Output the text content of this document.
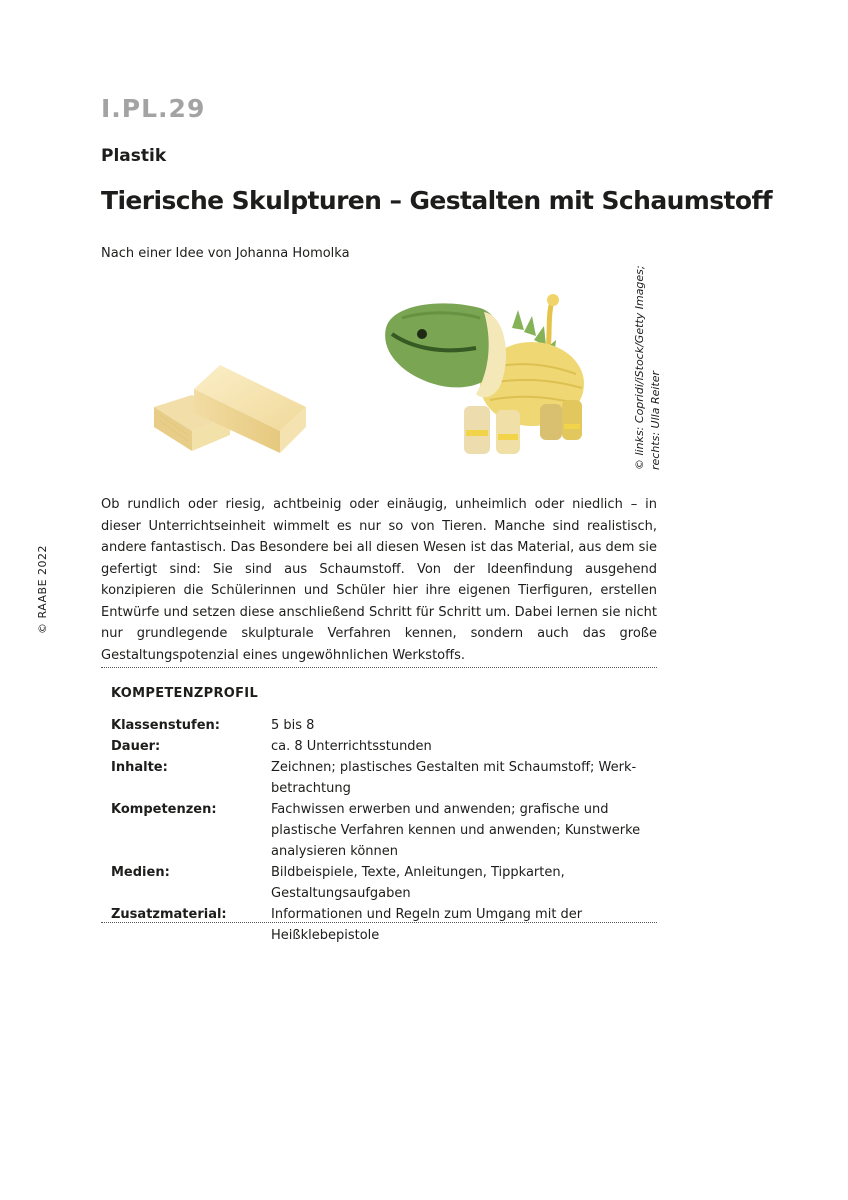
I.PL.29
Plastik
Tierische Skulpturen – Gestalten mit Schaumstoff
Nach einer Idee von Johanna Homolka
© links: Copridi/iStock/Getty Images; rechts: Ulla Reiter
© RAABE 2022
Ob rundlich oder riesig, achtbeinig oder einäugig, unheimlich oder niedlich – in dieser Unterrichtseinheit wimmelt es nur so von Tieren. Manche sind realistisch, andere fantastisch. Das Besondere bei all diesen Wesen ist das Material, aus dem sie gefertigt sind: Sie sind aus Schaumstoff. Von der Ideenfindung ausgehend konzipieren die Schülerinnen und Schüler hier ihre eigenen Tierfiguren, erstellen Entwürfe und setzen diese anschließend Schritt für Schritt um. Dabei lernen sie nicht nur grundlegende skulpturale Verfahren kennen, sondern auch das große Gestaltungspotenzial eines ungewöhnlichen Werkstoffs.
KOMPETENZPROFIL
Klassenstufen:	5 bis 8
Dauer:	ca. 8 Unterrichtsstunden
Inhalte:	Zeichnen; plastisches Gestalten mit Schaumstoff; Werkbetrachtung
Kompetenzen:	Fachwissen erwerben und anwenden; grafische und plastische Verfahren kennen und anwenden; Kunstwerke analysieren können
Medien:	Bildbeispiele, Texte, Anleitungen, Tippkarten, Gestaltungsaufgaben
Zusatzmaterial:	Informationen und Regeln zum Umgang mit der Heißklebepistole
